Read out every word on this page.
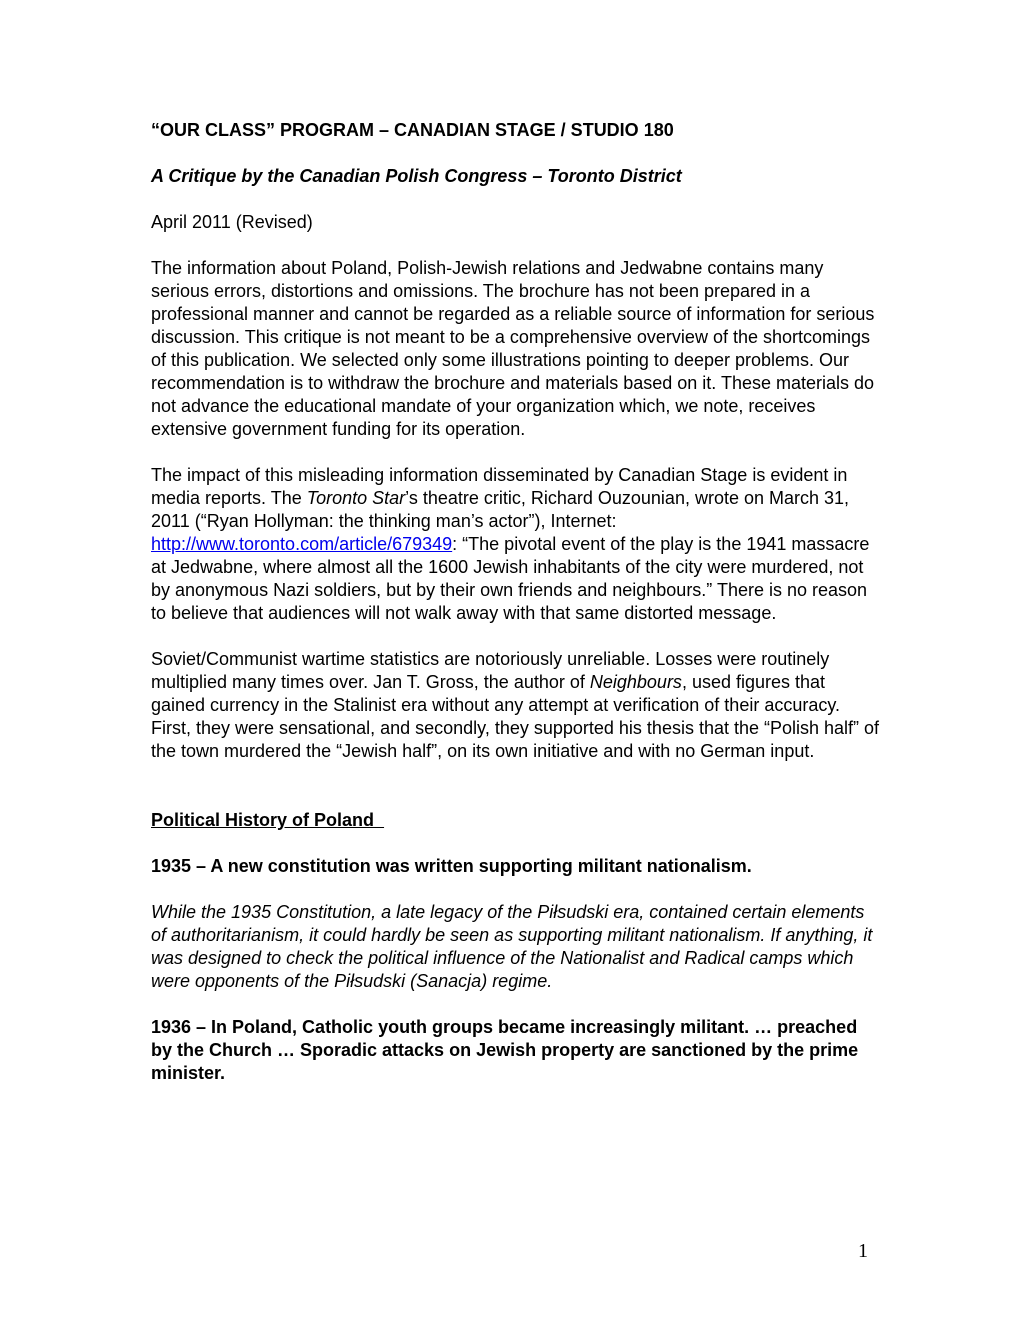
“OUR CLASS” PROGRAM – CANADIAN STAGE / STUDIO 180

A Critique by the Canadian Polish Congress – Toronto District

April 2011 (Revised)

The information about Poland, Polish-Jewish relations and Jedwabne contains many serious errors, distortions and omissions. The brochure has not been prepared in a professional manner and cannot be regarded as a reliable source of information for serious discussion. This critique is not meant to be a comprehensive overview of the shortcomings of this publication. We selected only some illustrations pointing to deeper problems. Our recommendation is to withdraw the brochure and materials based on it. These materials do not advance the educational mandate of your organization which, we note, receives extensive government funding for its operation.

The impact of this misleading information disseminated by Canadian Stage is evident in media reports. The Toronto Star’s theatre critic, Richard Ouzounian, wrote on March 31, 2011 (“Ryan Hollyman: the thinking man’s actor”), Internet: http://www.toronto.com/article/679349: “The pivotal event of the play is the 1941 massacre at Jedwabne, where almost all the 1600 Jewish inhabitants of the city were murdered, not by anonymous Nazi soldiers, but by their own friends and neighbours.” There is no reason to believe that audiences will not walk away with that same distorted message.

Soviet/Communist wartime statistics are notoriously unreliable. Losses were routinely multiplied many times over. Jan T. Gross, the author of Neighbours, used figures that gained currency in the Stalinist era without any attempt at verification of their accuracy. First, they were sensational, and secondly, they supported his thesis that the “Polish half” of the town murdered the “Jewish half”, on its own initiative and with no German input.

Political History of Poland

1935 – A new constitution was written supporting militant nationalism.

While the 1935 Constitution, a late legacy of the Piłsudski era, contained certain elements of authoritarianism, it could hardly be seen as supporting militant nationalism. If anything, it was designed to check the political influence of the Nationalist and Radical camps which were opponents of the Piłsudski (Sanacja) regime.

1936 – In Poland, Catholic youth groups became increasingly militant. … preached by the Church … Sporadic attacks on Jewish property are sanctioned by the prime minister.

1
